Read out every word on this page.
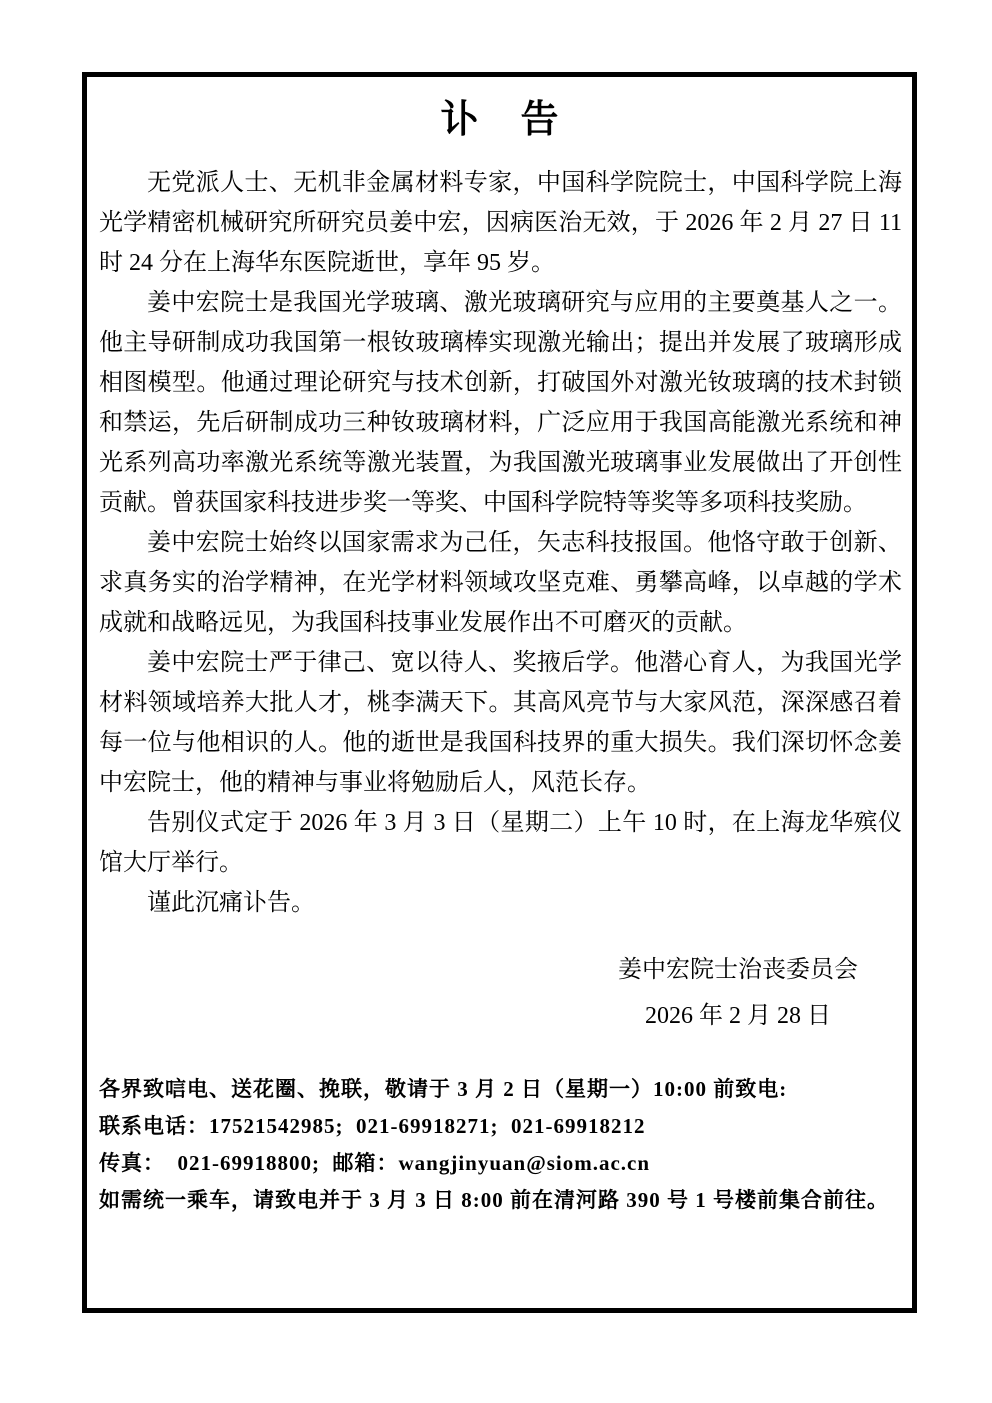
讣　告

无党派人士、无机非金属材料专家，中国科学院院士，中国科学院上海光学精密机械研究所研究员姜中宏，因病医治无效，于 2026 年 2 月 27 日 11 时 24 分在上海华东医院逝世，享年 95 岁。

姜中宏院士是我国光学玻璃、激光玻璃研究与应用的主要奠基人之一。他主导研制成功我国第一根钕玻璃棒实现激光输出；提出并发展了玻璃形成相图模型。他通过理论研究与技术创新，打破国外对激光钕玻璃的技术封锁和禁运，先后研制成功三种钕玻璃材料，广泛应用于我国高能激光系统和神光系列高功率激光系统等激光装置，为我国激光玻璃事业发展做出了开创性贡献。曾获国家科技进步奖一等奖、中国科学院特等奖等多项科技奖励。

姜中宏院士始终以国家需求为己任，矢志科技报国。他恪守敢于创新、求真务实的治学精神，在光学材料领域攻坚克难、勇攀高峰，以卓越的学术成就和战略远见，为我国科技事业发展作出不可磨灭的贡献。

姜中宏院士严于律己、宽以待人、奖掖后学。他潜心育人，为我国光学材料领域培养大批人才，桃李满天下。其高风亮节与大家风范，深深感召着每一位与他相识的人。他的逝世是我国科技界的重大损失。我们深切怀念姜中宏院士，他的精神与事业将勉励后人，风范长存。

告别仪式定于 2026 年 3 月 3 日（星期二）上午 10 时，在上海龙华殡仪馆大厅举行。

谨此沉痛讣告。

姜中宏院士治丧委员会
2026 年 2 月 28 日
各界致唁电、送花圈、挽联，敬请于 3 月 2 日（星期一）10:00 前致电:
联系电话：17521542985;  021-69918271;  021-69918212
传真：  021-69918800;  邮箱：wangjinyuan@siom.ac.cn
如需统一乘车，请致电并于 3 月 3 日 8:00 前在清河路 390 号 1 号楼前集合前往。
